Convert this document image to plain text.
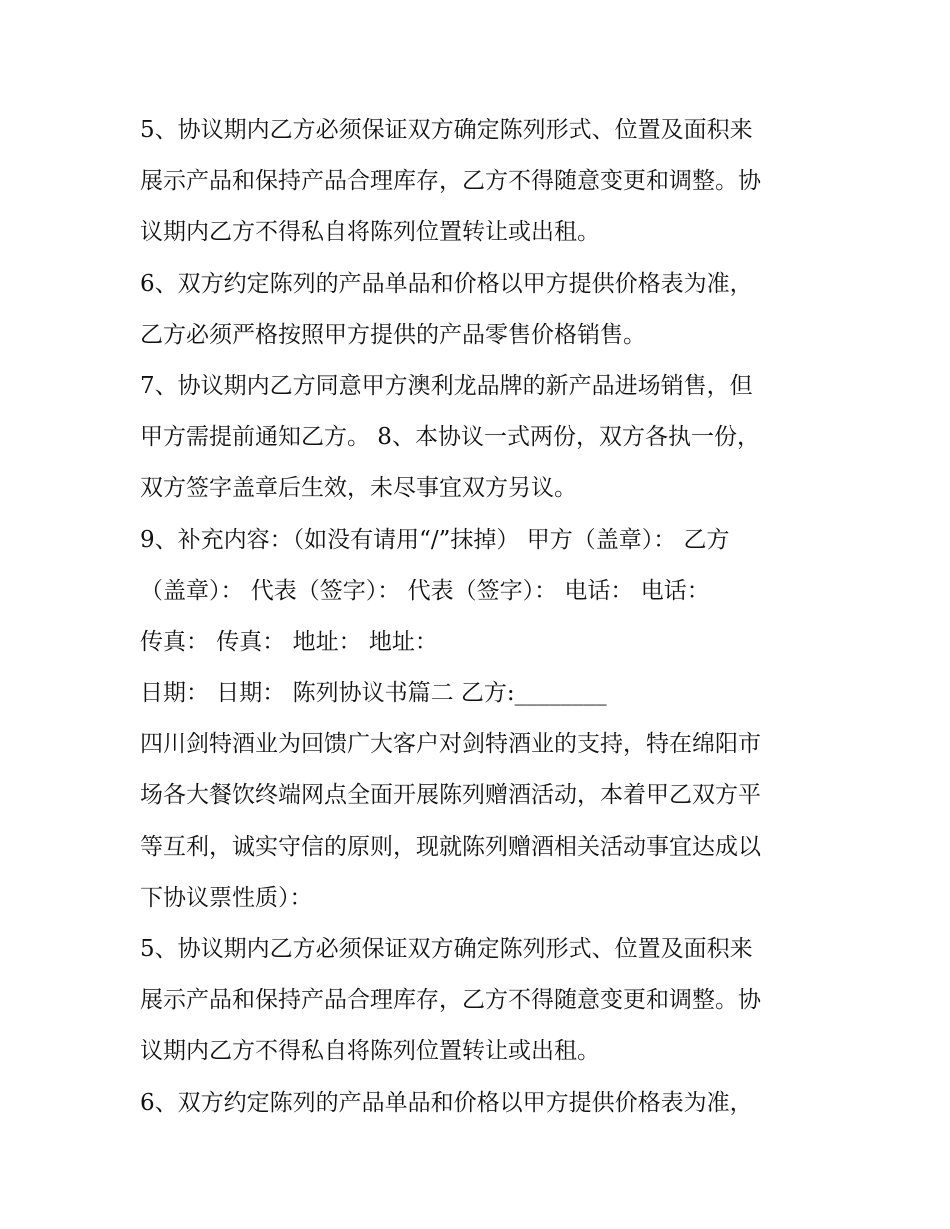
5、协议期内乙方必须保证双方确定陈列形式、位置及面积来
展示产品和保持产品合理库存，乙方不得随意变更和调整。协
议期内乙方不得私自将陈列位置转让或出租。
6、双方约定陈列的产品单品和价格以甲方提供价格表为准，
乙方必须严格按照甲方提供的产品零售价格销售。
7、协议期内乙方同意甲方澳利龙品牌的新产品进场销售，但
甲方需提前通知乙方。 8、本协议一式两份，双方各执一份，
双方签字盖章后生效，未尽事宜双方另议。
9、补充内容：（如没有请用“/”抹掉） 甲方（盖章）： 乙方
（盖章）： 代表（签字）： 代表（签字）： 电话： 电话：
传真： 传真： 地址： 地址：
日期： 日期： 陈列协议书篇二 乙方:________
四川剑特酒业为回馈广大客户对剑特酒业的支持，特在绵阳市
场各大餐饮终端网点全面开展陈列赠酒活动，本着甲乙双方平
等互利，诚实守信的原则，现就陈列赠酒相关活动事宜达成以
下协议票性质）：
5、协议期内乙方必须保证双方确定陈列形式、位置及面积来
展示产品和保持产品合理库存，乙方不得随意变更和调整。协
议期内乙方不得私自将陈列位置转让或出租。
6、双方约定陈列的产品单品和价格以甲方提供价格表为准，
